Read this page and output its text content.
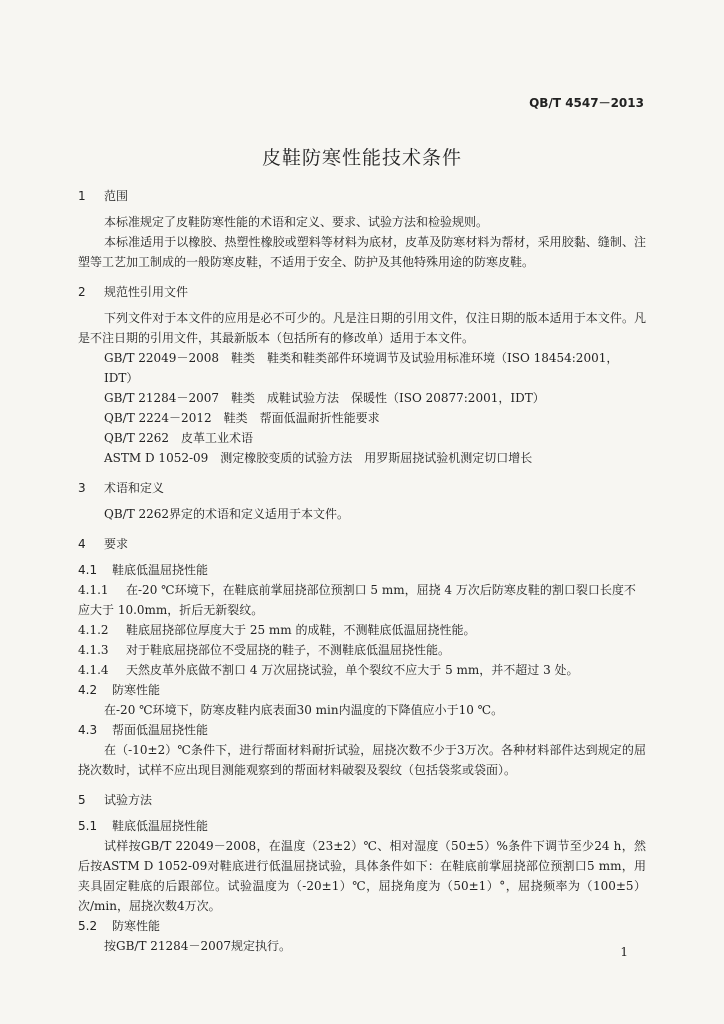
QB/T 4547－2013
皮鞋防寒性能技术条件
1 范围

本标准规定了皮鞋防寒性能的术语和定义、要求、试验方法和检验规则。

本标准适用于以橡胶、热塑性橡胶或塑料等材料为底材，皮革及防寒材料为帮材，采用胶黏、缝制、注塑等工艺加工制成的一般防寒皮鞋，不适用于安全、防护及其他特殊用途的防寒皮鞋。

2 规范性引用文件

下列文件对于本文件的应用是必不可少的。凡是注日期的引用文件，仅注日期的版本适用于本文件。凡是不注日期的引用文件，其最新版本（包括所有的修改单）适用于本文件。

GB/T 22049－2008　鞋类　鞋类和鞋类部件环境调节及试验用标准环境（ISO 18454:2001，IDT）

GB/T 21284－2007　鞋类　成鞋试验方法　保暖性（ISO 20877:2001，IDT）

QB/T 2224－2012　鞋类　帮面低温耐折性能要求

QB/T 2262　皮革工业术语

ASTM D 1052-09　测定橡胶变质的试验方法　用罗斯屈挠试验机测定切口增长

3 术语和定义

QB/T 2262界定的术语和定义适用于本文件。

4 要求
4.1 鞋底低温屈挠性能

4.1.1 在-20 ℃环境下，在鞋底前掌屈挠部位预割口 5 mm，屈挠 4 万次后防寒皮鞋的割口裂口长度不应大于 10.0mm，折后无新裂纹。

4.1.2 鞋底屈挠部位厚度大于 25 mm 的成鞋，不测鞋底低温屈挠性能。

4.1.3 对于鞋底屈挠部位不受屈挠的鞋子，不测鞋底低温屈挠性能。

4.1.4 天然皮革外底做不割口 4 万次屈挠试验，单个裂纹不应大于 5 mm，并不超过 3 处。

4.2 防寒性能

在-20 ℃环境下，防寒皮鞋内底表面30 min内温度的下降值应小于10 ℃。

4.3 帮面低温屈挠性能

在（-10±2）℃条件下，进行帮面材料耐折试验，屈挠次数不少于3万次。各种材料部件达到规定的屈挠次数时，试样不应出现目测能观察到的帮面材料破裂及裂纹（包括袋浆或袋面）。

5 试验方法
5.1 鞋底低温屈挠性能

试样按GB/T 22049－2008，在温度（23±2）℃、相对湿度（50±5）%条件下调节至少24 h，然后按ASTM D 1052-09对鞋底进行低温屈挠试验，具体条件如下：在鞋底前掌屈挠部位预割口5 mm，用夹具固定鞋底的后跟部位。试验温度为（-20±1）℃，屈挠角度为（50±1）°，屈挠频率为（100±5）次/min，屈挠次数4万次。

5.2 防寒性能

按GB/T 21284－2007规定执行。	1
